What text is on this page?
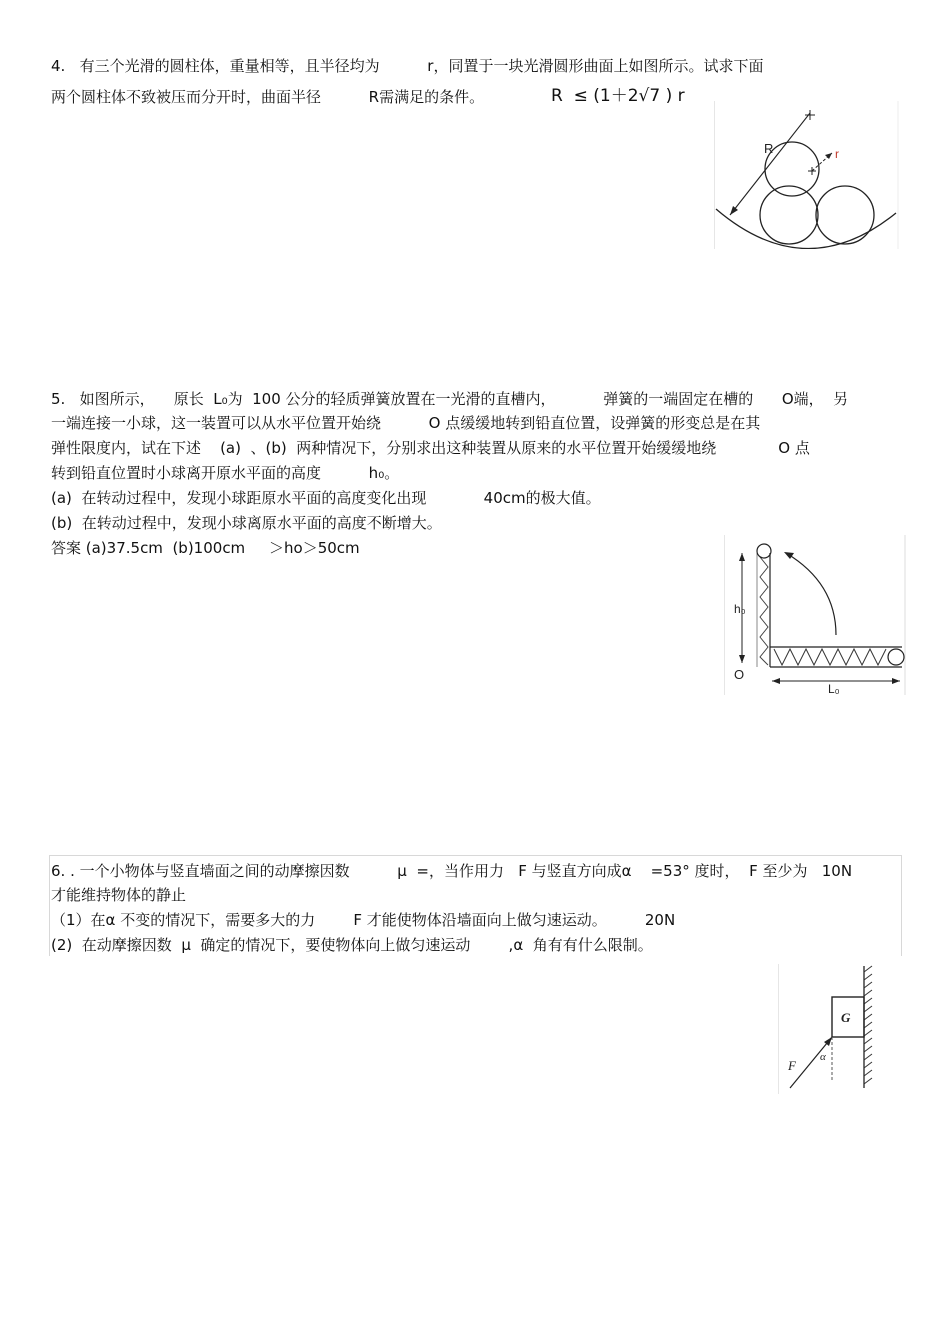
4.   有三个光滑的圆柱体，重量相等，且半径均为          r，同置于一块光滑圆形曲面上如图所示。试求下面
两个圆柱体不致被压而分开时，曲面半径          R需满足的条件。	R  ≤ (1＋2√7 ) r
R	r
5.   如图所示，    原长  L₀为  100 公分的轻质弹簧放置在一光滑的直槽内，          弹簧的一端固定在槽的      O端，  另
一端连接一小球，这一装置可以从水平位置开始绕          O 点缓缓地转到铅直位置，设弹簧的形变总是在其
弹性限度内，试在下述    (a)  、(b)  两种情况下，分别求出这种装置从原来的水平位置开始缓缓地绕             O 点
转到铅直位置时小球离开原水平面的高度          h₀。
(a)  在转动过程中，发现小球距原水平面的高度变化出现            40cm的极大值。
(b)  在转动过程中，发现小球离原水平面的高度不断增大。
答案 (a)37.5cm  (b)100cm     ＞ho＞50cm
h₀
O
L₀
6. . 一个小物体与竖直墙面之间的动摩擦因数          μ  =，当作用力   F 与竖直方向成α    =53° 度时，  F 至少为   10N
才能维持物体的静止
（1）在α 不变的情况下，需要多大的力        F 才能使物体沿墙面向上做匀速运动。        20N
(2)  在动摩擦因数  μ  确定的情况下，要使物体向上做匀速运动        ,α  角有有什么限制。
G
F
α
